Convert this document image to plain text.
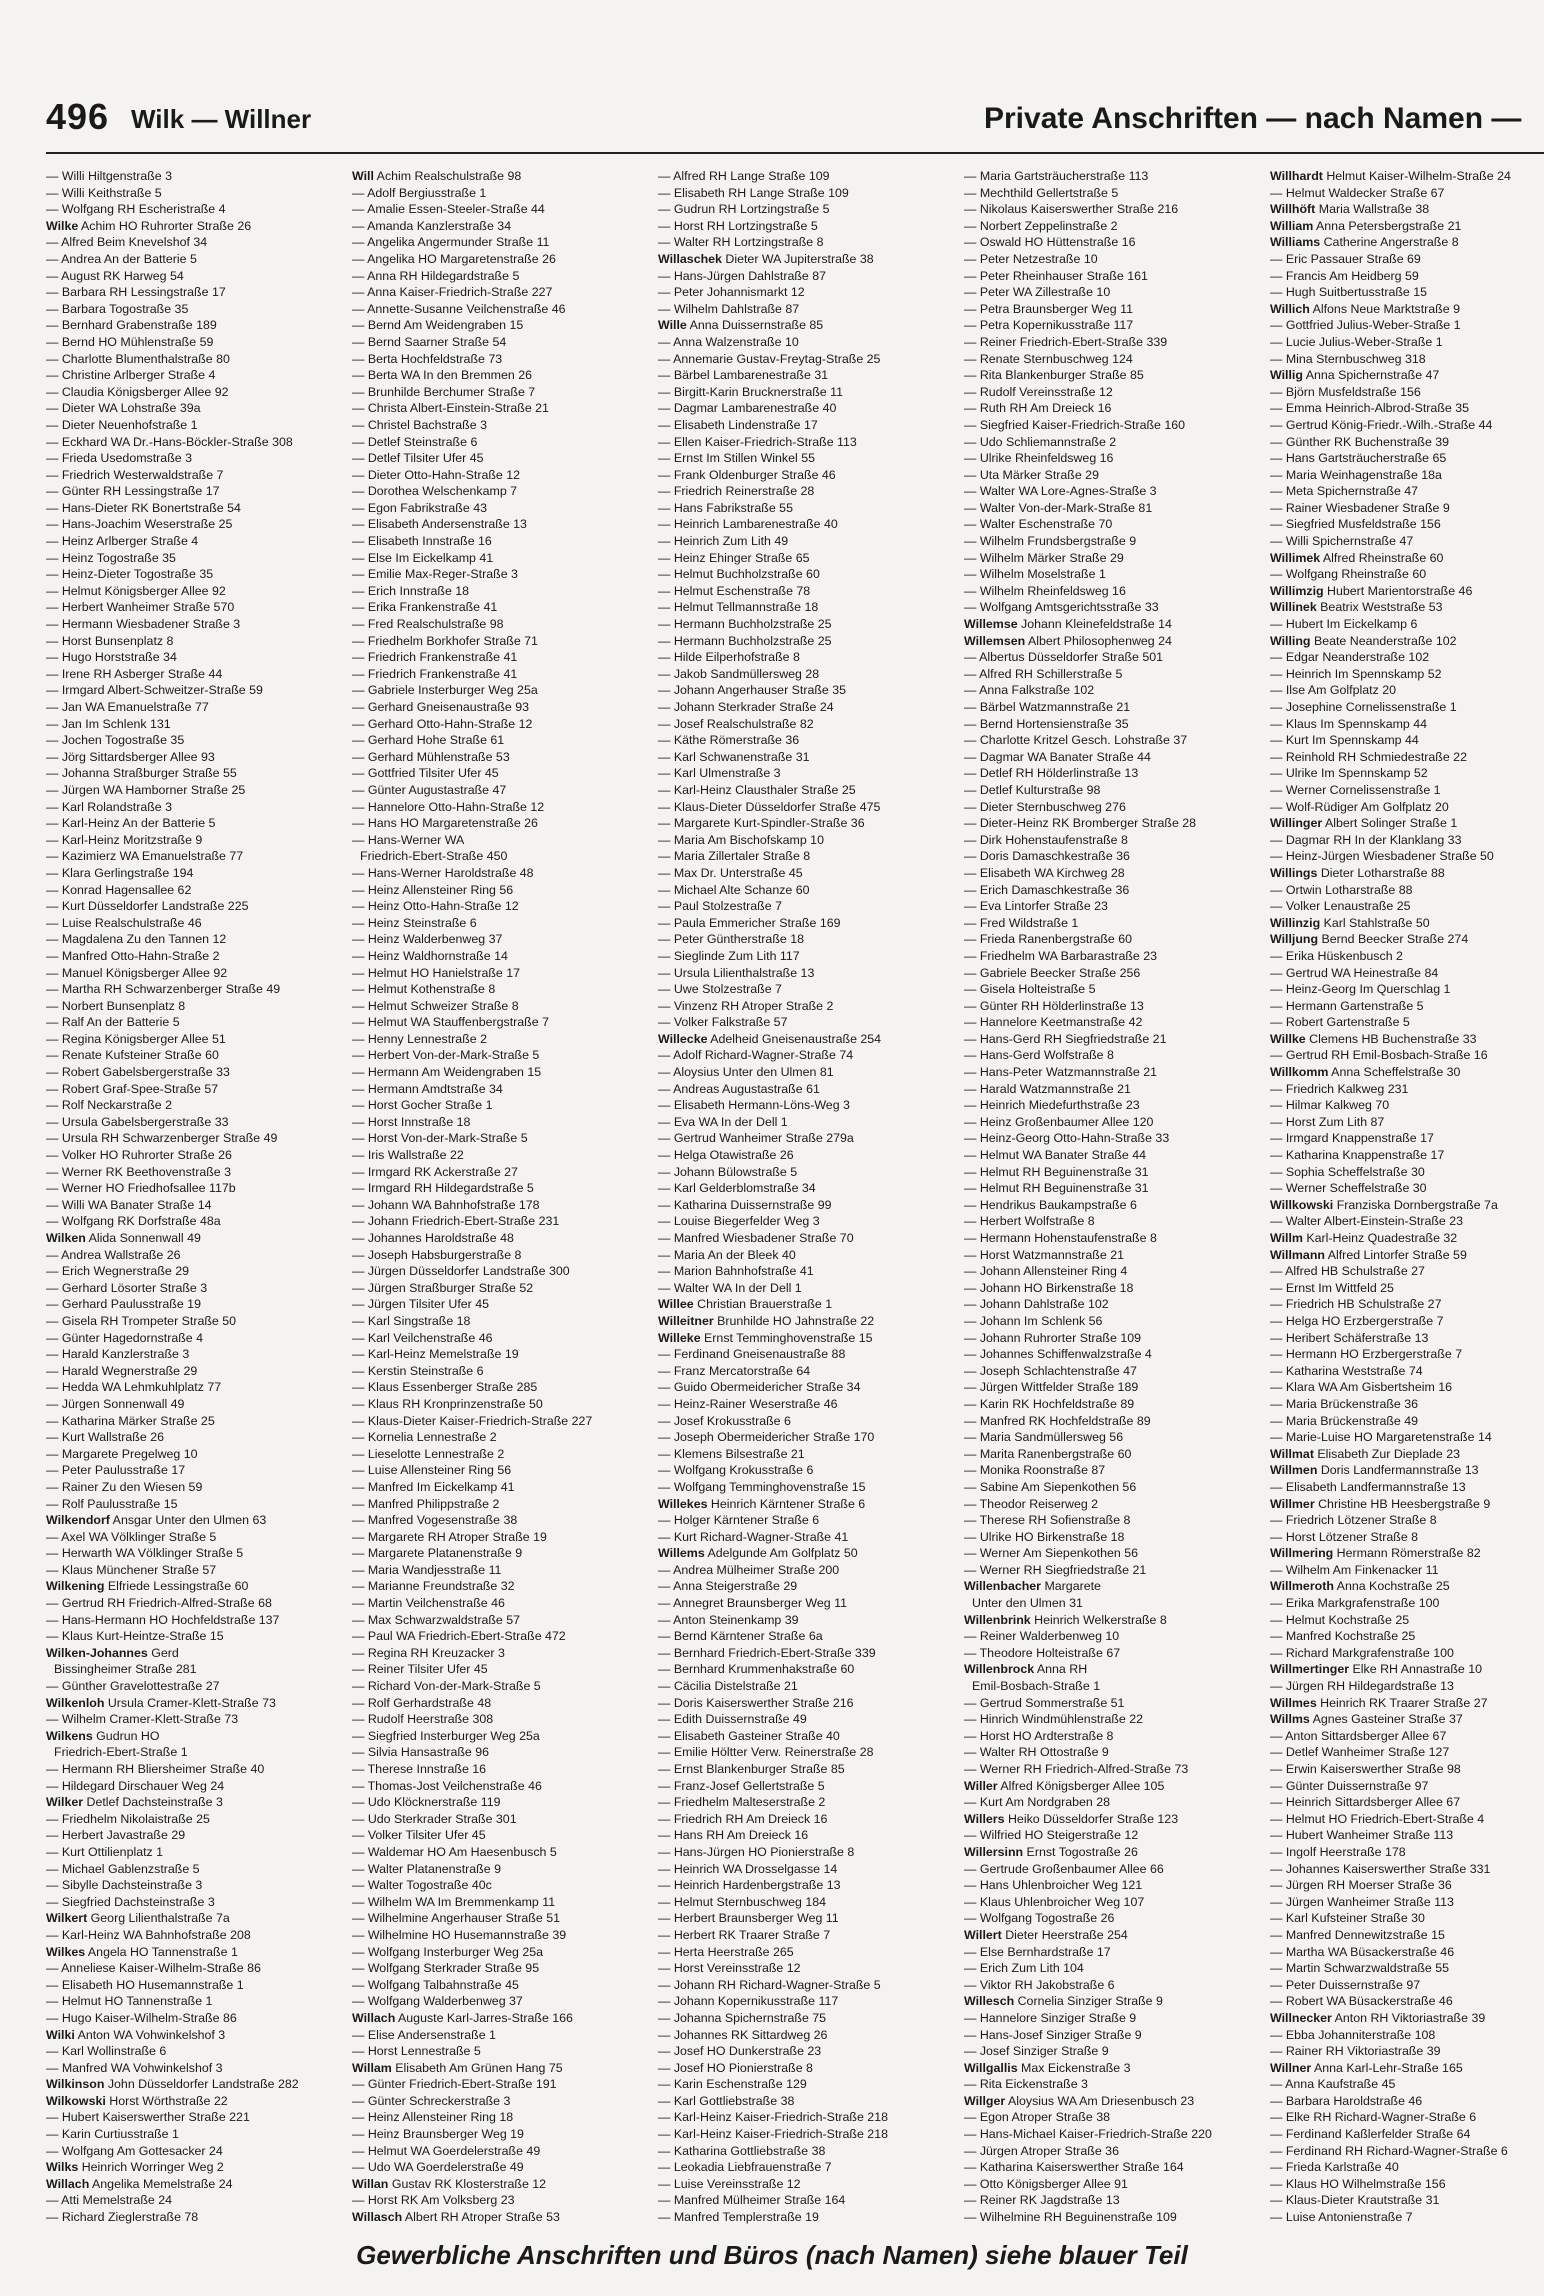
496 Wilk — Willner	Private Anschriften — nach Namen —
— Willi Hiltgenstraße 3
— Willi Keithstraße 5
— Wolfgang RH Escheristraße 4
Wilke Achim HO Ruhrorter Straße 26
— Alfred Beim Knevelshof 34
— Andrea An der Batterie 5
— August RK Harweg 54
— Barbara RH Lessingstraße 17
— Barbara Togostraße 35
— Bernhard Grabenstraße 189
— Bernd HO Mühlenstraße 59
— Charlotte Blumenthalstraße 80
— Christine Arlberger Straße 4
— Claudia Königsberger Allee 92
— Dieter WA Lohstraße 39a
— Dieter Neuenhofstraße 1
— Eckhard WA Dr.-Hans-Böckler-Straße 308
— Frieda Usedomstraße 3
— Friedrich Westerwaldstraße 7
— Günter RH Lessingstraße 17
— Hans-Dieter RK Bonertstraße 54
— Hans-Joachim Weserstraße 25
— Heinz Arlberger Straße 4
— Heinz Togostraße 35
— Heinz-Dieter Togostraße 35
— Helmut Königsberger Allee 92
— Herbert Wanheimer Straße 570
— Hermann Wiesbadener Straße 3
— Horst Bunsenplatz 8
— Hugo Horststraße 34
— Irene RH Asberger Straße 44
— Irmgard Albert-Schweitzer-Straße 59
— Jan WA Emanuelstraße 77
— Jan Im Schlenk 131
— Jochen Togostraße 35
— Jörg Sittardsberger Allee 93
— Johanna Straßburger Straße 55
— Jürgen WA Hamborner Straße 25
— Karl Rolandstraße 3
— Karl-Heinz An der Batterie 5
— Karl-Heinz Moritzstraße 9
— Kazimierz WA Emanuelstraße 77
— Klara Gerlingstraße 194
— Konrad Hagensallee 62
— Kurt Düsseldorfer Landstraße 225
— Luise Realschulstraße 46
— Magdalena Zu den Tannen 12
— Manfred Otto-Hahn-Straße 2
— Manuel Königsberger Allee 92
— Martha RH Schwarzenberger Straße 49
— Norbert Bunsenplatz 8
— Ralf An der Batterie 5
— Regina Königsberger Allee 51
— Renate Kufsteiner Straße 60
— Robert Gabelsbergerstraße 33
— Robert Graf-Spee-Straße 57
— Rolf Neckarstraße 2
— Ursula Gabelsbergerstraße 33
— Ursula RH Schwarzenberger Straße 49
— Volker HO Ruhrorter Straße 26
— Werner RK Beethovenstraße 3
— Werner HO Friedhofsallee 117b
— Willi WA Banater Straße 14
— Wolfgang RK Dorfstraße 48a
Wilken Alida Sonnenwall 49
— Andrea Wallstraße 26
— Erich Wegnerstraße 29
— Gerhard Lösorter Straße 3
— Gerhard Paulusstraße 19
— Gisela RH Trompeter Straße 50
— Günter Hagedornstraße 4
— Harald Kanzlerstraße 3
— Harald Wegnerstraße 29
— Hedda WA Lehmkuhlplatz 77
— Jürgen Sonnenwall 49
— Katharina Märker Straße 25
— Kurt Wallstraße 26
— Margarete Pregelweg 10
— Peter Paulusstraße 17
— Rainer Zu den Wiesen 59
— Rolf Paulusstraße 15
Wilkendorf Ansgar Unter den Ulmen 63
— Axel WA Völklinger Straße 5
— Herwarth WA Völklinger Straße 5
— Klaus Münchener Straße 57
Wilkening Elfriede Lessingstraße 60
— Gertrud RH Friedrich-Alfred-Straße 68
— Hans-Hermann HO Hochfeldstraße 137
— Klaus Kurt-Heintze-Straße 15
Wilken-Johannes Gerd
Bissingheimer Straße 281
— Günther Gravelottestraße 27
Wilkenloh Ursula Cramer-Klett-Straße 73
— Wilhelm Cramer-Klett-Straße 73
Wilkens Gudrun HO
Friedrich-Ebert-Straße 1
— Hermann RH Bliersheimer Straße 40
— Hildegard Dirschauer Weg 24
Wilker Detlef Dachsteinstraße 3
— Friedhelm Nikolaistraße 25
— Herbert Javastraße 29
— Kurt Ottilienplatz 1
— Michael Gablenzstraße 5
— Sibylle Dachsteinstraße 3
— Siegfried Dachsteinstraße 3
Wilkert Georg Lilienthalstraße 7a
— Karl-Heinz WA Bahnhofstraße 208
Wilkes Angela HO Tannenstraße 1
— Anneliese Kaiser-Wilhelm-Straße 86
— Elisabeth HO Husemannstraße 1
— Helmut HO Tannenstraße 1
— Hugo Kaiser-Wilhelm-Straße 86
Wilki Anton WA Vohwinkelshof 3
— Karl Wollinstraße 6
— Manfred WA Vohwinkelshof 3
Wilkinson John Düsseldorfer Landstraße 282
Wilkowski Horst Wörthstraße 22
— Hubert Kaiserswerther Straße 221
— Karin Curtiusstraße 1
— Wolfgang Am Gottesacker 24
Wilks Heinrich Worringer Weg 2
Willach Angelika Memelstraße 24
— Atti Memelstraße 24
— Richard Zieglerstraße 78
Will Achim Realschulstraße 98
— Adolf Bergiusstraße 1
— Amalie Essen-Steeler-Straße 44
— Amanda Kanzlerstraße 34
— Angelika Angermunder Straße 11
— Angelika HO Margaretenstraße 26
— Anna RH Hildegardstraße 5
— Anna Kaiser-Friedrich-Straße 227
— Annette-Susanne Veilchenstraße 46
— Bernd Am Weidengraben 15
— Bernd Saarner Straße 54
— Berta Hochfeldstraße 73
— Berta WA In den Bremmen 26
— Brunhilde Berchumer Straße 7
— Christa Albert-Einstein-Straße 21
— Christel Bachstraße 3
— Detlef Steinstraße 6
— Detlef Tilsiter Ufer 45
— Dieter Otto-Hahn-Straße 12
— Dorothea Welschenkamp 7
— Egon Fabrikstraße 43
— Elisabeth Andersenstraße 13
— Elisabeth Innstraße 16
— Else Im Eickelkamp 41
— Emilie Max-Reger-Straße 3
— Erich Innstraße 18
— Erika Frankenstraße 41
— Fred Realschulstraße 98
— Friedhelm Borkhofer Straße 71
— Friedrich Frankenstraße 41
— Friedrich Frankenstraße 41
— Gabriele Insterburger Weg 25a
— Gerhard Gneisenaustraße 93
— Gerhard Otto-Hahn-Straße 12
— Gerhard Hohe Straße 61
— Gerhard Mühlenstraße 53
— Gottfried Tilsiter Ufer 45
— Günter Augustastraße 47
— Hannelore Otto-Hahn-Straße 12
— Hans HO Margaretenstraße 26
— Hans-Werner WA
Friedrich-Ebert-Straße 450
— Hans-Werner Haroldstraße 48
— Heinz Allensteiner Ring 56
— Heinz Otto-Hahn-Straße 12
— Heinz Steinstraße 6
— Heinz Walderbenweg 37
— Heinz Waldhornstraße 14
— Helmut HO Hanielstraße 17
— Helmut Kothenstraße 8
— Helmut Schweizer Straße 8
— Helmut WA Stauffenbergstraße 7
— Henny Lennestraße 2
— Herbert Von-der-Mark-Straße 5
— Hermann Am Weidengraben 15
— Hermann Amdtstraße 34
— Horst Gocher Straße 1
— Horst Innstraße 18
— Horst Von-der-Mark-Straße 5
— Iris Wallstraße 22
— Irmgard RK Ackerstraße 27
— Irmgard RH Hildegardstraße 5
— Johann WA Bahnhofstraße 178
— Johann Friedrich-Ebert-Straße 231
— Johannes Haroldstraße 48
— Joseph Habsburgerstraße 8
— Jürgen Düsseldorfer Landstraße 300
— Jürgen Straßburger Straße 52
— Jürgen Tilsiter Ufer 45
— Karl Singstraße 18
— Karl Veilchenstraße 46
— Karl-Heinz Memelstraße 19
— Kerstin Steinstraße 6
— Klaus Essenberger Straße 285
— Klaus RH Kronprinzenstraße 50
— Klaus-Dieter Kaiser-Friedrich-Straße 227
— Kornelia Lennestraße 2
— Lieselotte Lennestraße 2
— Luise Allensteiner Ring 56
— Manfred Im Eickelkamp 41
— Manfred Philippstraße 2
— Manfred Vogesenstraße 38
— Margarete RH Atroper Straße 19
— Margarete Platanenstraße 9
— Maria Wandjesstraße 11
— Marianne Freundstraße 32
— Martin Veilchenstraße 46
— Max Schwarzwaldstraße 57
— Paul WA Friedrich-Ebert-Straße 472
— Regina RH Kreuzacker 3
— Reiner Tilsiter Ufer 45
— Richard Von-der-Mark-Straße 5
— Rolf Gerhardstraße 48
— Rudolf Heerstraße 308
— Siegfried Insterburger Weg 25a
— Silvia Hansastraße 96
— Therese Innstraße 16
— Thomas-Jost Veilchenstraße 46
— Udo Klöcknerstraße 119
— Udo Sterkrader Straße 301
— Volker Tilsiter Ufer 45
— Waldemar HO Am Haesenbusch 5
— Walter Platanenstraße 9
— Walter Togostraße 40c
— Wilhelm WA Im Bremmenkamp 11
— Wilhelmine Angerhauser Straße 51
— Wilhelmine HO Husemannstraße 39
— Wolfgang Insterburger Weg 25a
— Wolfgang Sterkrader Straße 95
— Wolfgang Talbahnstraße 45
— Wolfgang Walderbenweg 37
Willach Auguste Karl-Jarres-Straße 166
— Elise Andersenstraße 1
— Horst Lennestraße 5
Willam Elisabeth Am Grünen Hang 75
— Günter Friedrich-Ebert-Straße 191
— Günter Schreckerstraße 3
— Heinz Allensteiner Ring 18
— Heinz Braunsberger Weg 19
— Helmut WA Goerdelerstraße 49
— Udo WA Goerdelerstraße 49
Willan Gustav RK Klosterstraße 12
— Horst RK Am Volksberg 23
Willasch Albert RH Atroper Straße 53
— Alfred RH Lange Straße 109
— Elisabeth RH Lange Straße 109
— Gudrun RH Lortzingstraße 5
— Horst RH Lortzingstraße 5
— Walter RH Lortzingstraße 8
Willaschek Dieter WA Jupiterstraße 38
— Hans-Jürgen Dahlstraße 87
— Peter Johannismarkt 12
— Wilhelm Dahlstraße 87
Wille Anna Duissernstraße 85
— Anna Walzenstraße 10
— Annemarie Gustav-Freytag-Straße 25
— Bärbel Lambarenestraße 31
— Birgitt-Karin Brucknerstraße 11
— Dagmar Lambarenestraße 40
— Elisabeth Lindenstraße 17
— Ellen Kaiser-Friedrich-Straße 113
— Ernst Im Stillen Winkel 55
— Frank Oldenburger Straße 46
— Friedrich Reinerstraße 28
— Hans Fabrikstraße 55
— Heinrich Lambarenestraße 40
— Heinrich Zum Lith 49
— Heinz Ehinger Straße 65
— Helmut Buchholzstraße 60
— Helmut Eschenstraße 78
— Helmut Tellmannstraße 18
— Hermann Buchholzstraße 25
— Hermann Buchholzstraße 25
— Hilde Eilperhofstraße 8
— Jakob Sandmüllersweg 28
— Johann Angerhauser Straße 35
— Johann Sterkrader Straße 24
— Josef Realschulstraße 82
— Käthe Römerstraße 36
— Karl Schwanenstraße 31
— Karl Ulmenstraße 3
— Karl-Heinz Clausthaler Straße 25
— Klaus-Dieter Düsseldorfer Straße 475
— Margarete Kurt-Spindler-Straße 36
— Maria Am Bischofskamp 10
— Maria Zillertaler Straße 8
— Max Dr. Unterstraße 45
— Michael Alte Schanze 60
— Paul Stolzestraße 7
— Paula Emmericher Straße 169
— Peter Güntherstraße 18
— Sieglinde Zum Lith 117
— Ursula Lilienthalstraße 13
— Uwe Stolzestraße 7
— Vinzenz RH Atroper Straße 2
— Volker Falkstraße 57
Willecke Adelheid Gneisenaustraße 254
— Adolf Richard-Wagner-Straße 74
— Aloysius Unter den Ulmen 81
— Andreas Augustastraße 61
— Elisabeth Hermann-Löns-Weg 3
— Eva WA In der Dell 1
— Gertrud Wanheimer Straße 279a
— Helga Otawistraße 26
— Johann Bülowstraße 5
— Karl Gelderblomstraße 34
— Katharina Duissernstraße 99
— Louise Biegerfelder Weg 3
— Manfred Wiesbadener Straße 70
— Maria An der Bleek 40
— Marion Bahnhofstraße 41
— Walter WA In der Dell 1
Willee Christian Brauerstraße 1
Willeitner Brunhilde HO Jahnstraße 22
Willeke Ernst Temminghovenstraße 15
— Ferdinand Gneisenaustraße 88
— Franz Mercatorstraße 64
— Guido Obermeidericher Straße 34
— Heinz-Rainer Weserstraße 46
— Josef Krokusstraße 6
— Joseph Obermeidericher Straße 170
— Klemens Bilsestraße 21
— Wolfgang Krokusstraße 6
— Wolfgang Temminghovenstraße 15
Willekes Heinrich Kärntener Straße 6
— Holger Kärntener Straße 6
— Kurt Richard-Wagner-Straße 41
Willems Adelgunde Am Golfplatz 50
— Andrea Mülheimer Straße 200
— Anna Steigerstraße 29
— Annegret Braunsberger Weg 11
— Anton Steinenkamp 39
— Bernd Kärntener Straße 6a
— Bernhard Friedrich-Ebert-Straße 339
— Bernhard Krummenhakstraße 60
— Cäcilia Distelstraße 21
— Doris Kaiserswerther Straße 216
— Edith Duissernstraße 49
— Elisabeth Gasteiner Straße 40
— Emilie Höltter Verw. Reinerstraße 28
— Ernst Blankenburger Straße 85
— Franz-Josef Gellertstraße 5
— Friedhelm Malteserstraße 2
— Friedrich RH Am Dreieck 16
— Hans RH Am Dreieck 16
— Hans-Jürgen HO Pionierstraße 8
— Heinrich WA Drosselgasse 14
— Heinrich Hardenbergstraße 13
— Helmut Sternbuschweg 184
— Herbert Braunsberger Weg 11
— Herbert RK Traarer Straße 7
— Herta Heerstraße 265
— Horst Vereinsstraße 12
— Johann RH Richard-Wagner-Straße 5
— Johann Kopernikusstraße 117
— Johanna Spichernstraße 75
— Johannes RK Sittardweg 26
— Josef HO Dunkerstraße 23
— Josef HO Pionierstraße 8
— Karin Eschenstraße 129
— Karl Gottliebstraße 38
— Karl-Heinz Kaiser-Friedrich-Straße 218
— Karl-Heinz Kaiser-Friedrich-Straße 218
— Katharina Gottliebstraße 38
— Leokadia Liebfrauenstraße 7
— Luise Vereinsstraße 12
— Manfred Mülheimer Straße 164
— Manfred Templerstraße 19
— Maria Gartsträucherstraße 113
— Mechthild Gellertstraße 5
— Nikolaus Kaiserswerther Straße 216
— Norbert Zeppelinstraße 2
— Oswald HO Hüttenstraße 16
— Peter Netzestraße 10
— Peter Rheinhauser Straße 161
— Peter WA Zillestraße 10
— Petra Braunsberger Weg 11
— Petra Kopernikusstraße 117
— Reiner Friedrich-Ebert-Straße 339
— Renate Sternbuschweg 124
— Rita Blankenburger Straße 85
— Rudolf Vereinsstraße 12
— Ruth RH Am Dreieck 16
— Siegfried Kaiser-Friedrich-Straße 160
— Udo Schliemannstraße 2
— Ulrike Rheinfeldsweg 16
— Uta Märker Straße 29
— Walter WA Lore-Agnes-Straße 3
— Walter Von-der-Mark-Straße 81
— Walter Eschenstraße 70
— Wilhelm Frundsbergstraße 9
— Wilhelm Märker Straße 29
— Wilhelm Moselstraße 1
— Wilhelm Rheinfeldsweg 16
— Wolfgang Amtsgerichtsstraße 33
Willemse Johann Kleinefeldstraße 14
Willemsen Albert Philosophenweg 24
— Albertus Düsseldorfer Straße 501
— Alfred RH Schillerstraße 5
— Anna Falkstraße 102
— Bärbel Watzmannstraße 21
— Bernd Hortensienstraße 35
— Charlotte Kritzel Gesch. Lohstraße 37
— Dagmar WA Banater Straße 44
— Detlef RH Hölderlinstraße 13
— Detlef Kulturstraße 98
— Dieter Sternbuschweg 276
— Dieter-Heinz RK Bromberger Straße 28
— Dirk Hohenstaufenstraße 8
— Doris Damaschkestraße 36
— Elisabeth WA Kirchweg 28
— Erich Damaschkestraße 36
— Eva Lintorfer Straße 23
— Fred Wildstraße 1
— Frieda Ranenbergstraße 60
— Friedhelm WA Barbarastraße 23
— Gabriele Beecker Straße 256
— Gisela Holteistraße 5
— Günter RH Hölderlinstraße 13
— Hannelore Keetmanstraße 42
— Hans-Gerd RH Siegfriedstraße 21
— Hans-Gerd Wolfstraße 8
— Hans-Peter Watzmannstraße 21
— Harald Watzmannstraße 21
— Heinrich Miedefurthstraße 23
— Heinz Großenbaumer Allee 120
— Heinz-Georg Otto-Hahn-Straße 33
— Helmut WA Banater Straße 44
— Helmut RH Beguinenstraße 31
— Helmut RH Beguinenstraße 31
— Hendrikus Baukampstraße 6
— Herbert Wolfstraße 8
— Hermann Hohenstaufenstraße 8
— Horst Watzmannstraße 21
— Johann Allensteiner Ring 4
— Johann HO Birkenstraße 18
— Johann Dahlstraße 102
— Johann Im Schlenk 56
— Johann Ruhrorter Straße 109
— Johannes Schiffenwalzstraße 4
— Joseph Schlachtenstraße 47
— Jürgen Wittfelder Straße 189
— Karin RK Hochfeldstraße 89
— Manfred RK Hochfeldstraße 89
— Maria Sandmüllersweg 56
— Marita Ranenbergstraße 60
— Monika Roonstraße 87
— Sabine Am Siepenkothen 56
— Theodor Reiserweg 2
— Therese RH Sofienstraße 8
— Ulrike HO Birkenstraße 18
— Werner Am Siepenkothen 56
— Werner RH Siegfriedstraße 21
Willenbacher Margarete
Unter den Ulmen 31
Willenbrink Heinrich Welkerstraße 8
— Reiner Walderbenweg 10
— Theodore Holteistraße 67
Willenbrock Anna RH
Emil-Bosbach-Straße 1
— Gertrud Sommerstraße 51
— Hinrich Windmühlenstraße 22
— Horst HO Ardterstraße 8
— Walter RH Ottostraße 9
— Werner RH Friedrich-Alfred-Straße 73
Willer Alfred Königsberger Allee 105
— Kurt Am Nordgraben 28
Willers Heiko Düsseldorfer Straße 123
— Wilfried HO Steigerstraße 12
Willersinn Ernst Togostraße 26
— Gertrude Großenbaumer Allee 66
— Hans Uhlenbroicher Weg 121
— Klaus Uhlenbroicher Weg 107
— Wolfgang Togostraße 26
Willert Dieter Heerstraße 254
— Else Bernhardstraße 17
— Erich Zum Lith 104
— Viktor RH Jakobstraße 6
Willesch Cornelia Sinziger Straße 9
— Hannelore Sinziger Straße 9
— Hans-Josef Sinziger Straße 9
— Josef Sinziger Straße 9
Willgallis Max Eickenstraße 3
— Rita Eickenstraße 3
Willger Aloysius WA Am Driesenbusch 23
— Egon Atroper Straße 38
— Hans-Michael Kaiser-Friedrich-Straße 220
— Jürgen Atroper Straße 36
— Katharina Kaiserswerther Straße 164
— Otto Königsberger Allee 91
— Reiner RK Jagdstraße 13
— Wilhelmine RH Beguinenstraße 109
Willhardt Helmut Kaiser-Wilhelm-Straße 24
— Helmut Waldecker Straße 67
Willhöft Maria Wallstraße 38
William Anna Petersbergstraße 21
Williams Catherine Angerstraße 8
— Eric Passauer Straße 69
— Francis Am Heidberg 59
— Hugh Suitbertusstraße 15
Willich Alfons Neue Marktstraße 9
— Gottfried Julius-Weber-Straße 1
— Lucie Julius-Weber-Straße 1
— Mina Sternbuschweg 318
Willig Anna Spichernstraße 47
— Björn Musfeldstraße 156
— Emma Heinrich-Albrod-Straße 35
— Gertrud König-Friedr.-Wilh.-Straße 44
— Günther RK Buchenstraße 39
— Hans Gartsträucherstraße 65
— Maria Weinhagenstraße 18a
— Meta Spichernstraße 47
— Rainer Wiesbadener Straße 9
— Siegfried Musfeldstraße 156
— Willi Spichernstraße 47
Willimek Alfred Rheinstraße 60
— Wolfgang Rheinstraße 60
Willimzig Hubert Marientorstraße 46
Willinek Beatrix Weststraße 53
— Hubert Im Eickelkamp 6
Willing Beate Neanderstraße 102
— Edgar Neanderstraße 102
— Heinrich Im Spennskamp 52
— Ilse Am Golfplatz 20
— Josephine Cornelissenstraße 1
— Klaus Im Spennskamp 44
— Kurt Im Spennskamp 44
— Reinhold RH Schmiedestraße 22
— Ulrike Im Spennskamp 52
— Werner Cornelissenstraße 1
— Wolf-Rüdiger Am Golfplatz 20
Willinger Albert Solinger Straße 1
— Dagmar RH In der Klanklang 33
— Heinz-Jürgen Wiesbadener Straße 50
Willings Dieter Lotharstraße 88
— Ortwin Lotharstraße 88
— Volker Lenaustraße 25
Willinzig Karl Stahlstraße 50
Willjung Bernd Beecker Straße 274
— Erika Hüskenbusch 2
— Gertrud WA Heinestraße 84
— Heinz-Georg Im Querschlag 1
— Hermann Gartenstraße 5
— Robert Gartenstraße 5
Willke Clemens HB Buchenstraße 33
— Gertrud RH Emil-Bosbach-Straße 16
Willkomm Anna Scheffelstraße 30
— Friedrich Kalkweg 231
— Hilmar Kalkweg 70
— Horst Zum Lith 87
— Irmgard Knappenstraße 17
— Katharina Knappenstraße 17
— Sophia Scheffelstraße 30
— Werner Scheffelstraße 30
Willkowski Franziska Dornbergstraße 7a
— Walter Albert-Einstein-Straße 23
Willm Karl-Heinz Quadestraße 32
Willmann Alfred Lintorfer Straße 59
— Alfred HB Schulstraße 27
— Ernst Im Wittfeld 25
— Friedrich HB Schulstraße 27
— Helga HO Erzbergerstraße 7
— Heribert Schäferstraße 13
— Hermann HO Erzbergerstraße 7
— Katharina Weststraße 74
— Klara WA Am Gisbertsheim 16
— Maria Brückenstraße 36
— Maria Brückenstraße 49
— Marie-Luise HO Margaretenstraße 14
Willmat Elisabeth Zur Dieplade 23
Willmen Doris Landfermannstraße 13
— Elisabeth Landfermannstraße 13
Willmer Christine HB Heesbergstraße 9
— Friedrich Lötzener Straße 8
— Horst Lötzener Straße 8
Willmering Hermann Römerstraße 82
— Wilhelm Am Finkenacker 11
Willmeroth Anna Kochstraße 25
— Erika Markgrafenstraße 100
— Helmut Kochstraße 25
— Manfred Kochstraße 25
— Richard Markgrafenstraße 100
Willmertinger Elke RH Annastraße 10
— Jürgen RH Hildegardstraße 13
Willmes Heinrich RK Traarer Straße 27
Willms Agnes Gasteiner Straße 37
— Anton Sittardsberger Allee 67
— Detlef Wanheimer Straße 127
— Erwin Kaiserswerther Straße 98
— Günter Duissernstraße 97
— Heinrich Sittardsberger Allee 67
— Helmut HO Friedrich-Ebert-Straße 4
— Hubert Wanheimer Straße 113
— Ingolf Heerstraße 178
— Johannes Kaiserswerther Straße 331
— Jürgen RH Moerser Straße 36
— Jürgen Wanheimer Straße 113
— Karl Kufsteiner Straße 30
— Manfred Dennewitzstraße 15
— Martha WA Büsackerstraße 46
— Martin Schwarzwaldstraße 55
— Peter Duissernstraße 97
— Robert WA Büsackerstraße 46
Willnecker Anton RH Viktoriastraße 39
— Ebba Johanniterstraße 108
— Rainer RH Viktoriastraße 39
Willner Anna Karl-Lehr-Straße 165
— Anna Kaufstraße 45
— Barbara Haroldstraße 46
— Elke RH Richard-Wagner-Straße 6
— Ferdinand Kaßlerfelder Straße 64
— Ferdinand RH Richard-Wagner-Straße 6
— Frieda Karlstraße 40
— Klaus HO Wilhelmstraße 156
— Klaus-Dieter Krautstraße 31
— Luise Antonienstraße 7
Gewerbliche Anschriften und Büros (nach Namen) siehe blauer Teil
